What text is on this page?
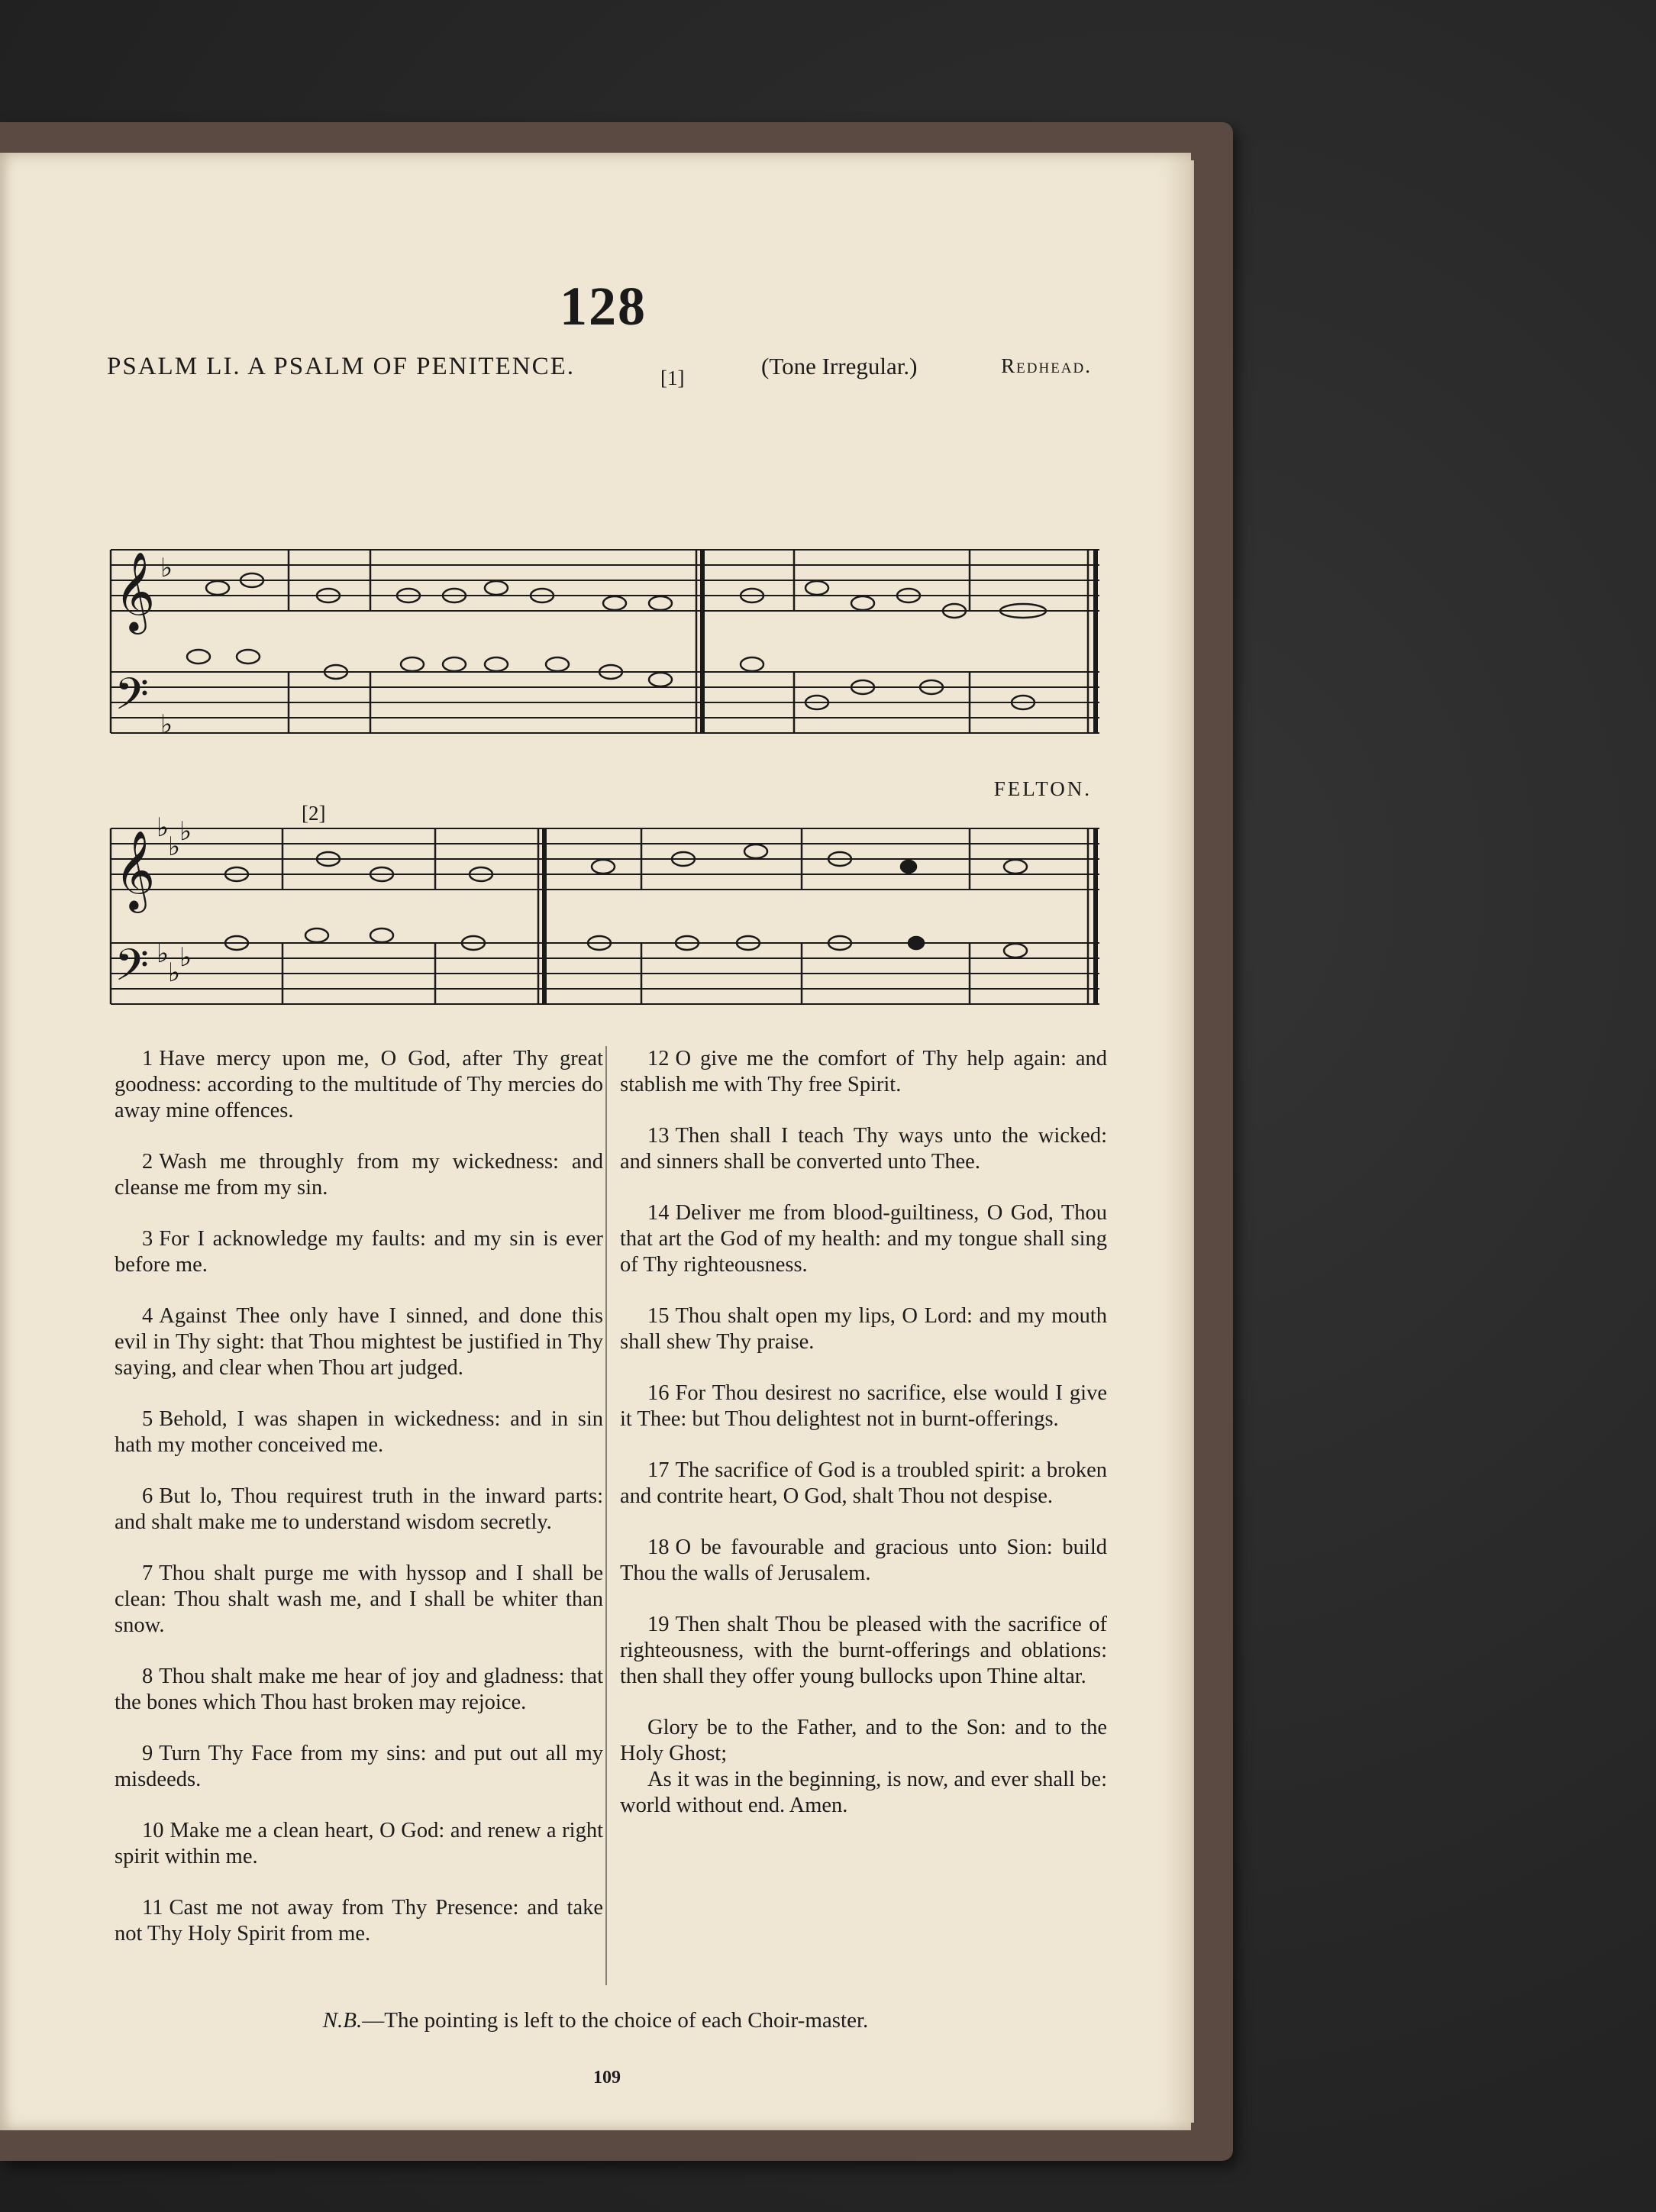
128
PSALM LI. A PSALM OF PENITENCE.	[1]	(Tone Irregular.)	Redhead.
𝄞
𝄢
𝄞
𝄢
♭
♭
♭
♭
♭
♭
♭
♭
[2]
FELTON.

1 Have mercy upon me, O God, after Thy great goodness: according to the multitude of Thy mercies do away mine offences.

2 Wash me throughly from my wickedness: and cleanse me from my sin.

3 For I acknowledge my faults: and my sin is ever before me.

4 Against Thee only have I sinned, and done this evil in Thy sight: that Thou mightest be justified in Thy saying, and clear when Thou art judged.

5 Behold, I was shapen in wickedness: and in sin hath my mother conceived me.

6 But lo, Thou requirest truth in the inward parts: and shalt make me to understand wisdom secretly.

7 Thou shalt purge me with hyssop and I shall be clean: Thou shalt wash me, and I shall be whiter than snow.

8 Thou shalt make me hear of joy and gladness: that the bones which Thou hast broken may rejoice.

9 Turn Thy Face from my sins: and put out all my misdeeds.

10 Make me a clean heart, O God: and renew a right spirit within me.

11 Cast me not away from Thy Presence: and take not Thy Holy Spirit from me.

12 O give me the comfort of Thy help again: and stablish me with Thy free Spirit.

13 Then shall I teach Thy ways unto the wicked: and sinners shall be converted unto Thee.

14 Deliver me from blood-guiltiness, O God, Thou that art the God of my health: and my tongue shall sing of Thy righteousness.

15 Thou shalt open my lips, O Lord: and my mouth shall shew Thy praise.

16 For Thou desirest no sacrifice, else would I give it Thee: but Thou delightest not in burnt-offerings.

17 The sacrifice of God is a troubled spirit: a broken and contrite heart, O God, shalt Thou not despise.

18 O be favourable and gracious unto Sion: build Thou the walls of Jerusalem.

19 Then shalt Thou be pleased with the sacrifice of righteousness, with the burnt-offerings and oblations: then shall they offer young bullocks upon Thine altar.

Glory be to the Father, and to the Son: and to the Holy Ghost;

As it was in the beginning, is now, and ever shall be: world without end. Amen.

N.B.—The pointing is left to the choice of each Choir-master.
109
